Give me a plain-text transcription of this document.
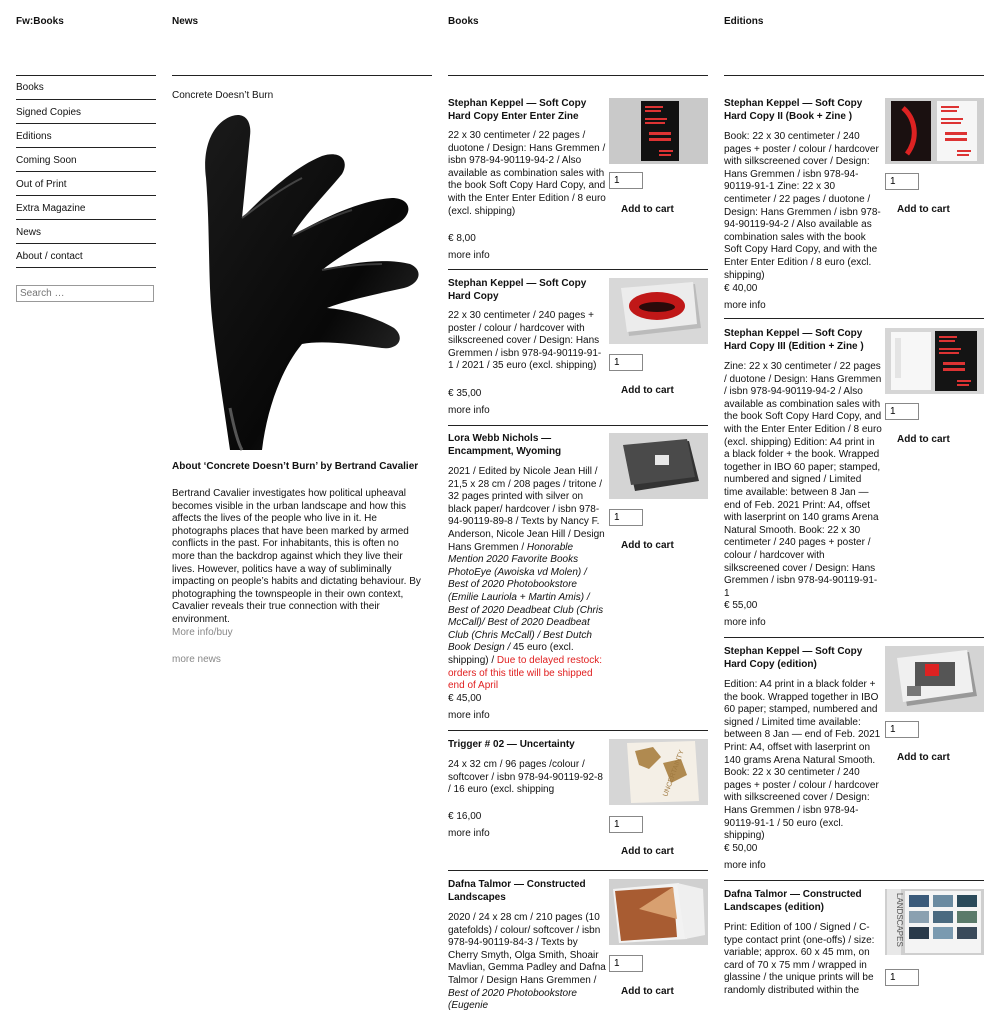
Fw:Books	News	Books	Editions
Books
Signed Copies
Editions
Coming Soon
Out of Print
Extra Magazine
News
About / contact
Search …
Concrete Doesn’t Burn
About ‘Concrete Doesn’t Burn’ by Bertrand Cavalier
Bertrand Cavalier investigates how political upheaval becomes visible in the urban landscape and how this affects the lives of the people who live in it. He photographs places that have been marked by armed conflicts in the past. For inhabitants, this is often no more than the backdrop against which they live their lives. However, politics have a way of subliminally impacting on people’s habits and dictating behaviour. By photographing the townspeople in their own context, Cavalier reveals their true connection with their environment.
More info/buy
more news
Stephan Keppel — Soft Copy Hard Copy Enter Enter Zine
22 x 30 centimeter / 22 pages / duotone / Design: Hans Gremmen / isbn 978-94-90119-94-2 / Also available as combination sales with the book Soft Copy Hard Copy, and with the Enter Enter Edition / 8 euro (excl. shipping)
€ 8,00
more info
1
Add to cart
Stephan Keppel — Soft Copy Hard Copy
22 x 30 centimeter / 240 pages + poster / colour / hardcover with silkscreened cover / Design: Hans Gremmen / isbn 978-94-90119-91-1 / 2021 / 35 euro (excl. shipping)
€ 35,00
more info
1
Add to cart
Lora Webb Nichols — Encampment, Wyoming
2021 / Edited by Nicole Jean Hill / 21,5 x 28 cm / 208 pages / tritone / 32 pages printed with silver on black paper/ hardcover / isbn 978-94-90119-89-8 / Texts by Nancy F. Anderson, Nicole Jean Hill / Design Hans Gremmen / Honorable Mention 2020 Favorite Books PhotoEye (Awoiska vd Molen) / Best of 2020 Photobookstore (Emilie Lauriola + Martin Amis) / Best of 2020 Deadbeat Club (Chris McCall)/ Best of 2020 Deadbeat Club (Chris McCall) / Best Dutch Book Design / 45 euro (excl. shipping) / Due to delayed restock: orders of this title will be shipped end of April
€ 45,00
more info
1
Add to cart
Trigger # 02 — Uncertainty
24 x 32 cm / 96 pages /colour / softcover / isbn 978-94-90119-92-8 / 16 euro (excl. shipping
€ 16,00
more info
UNCERTAINTY
1
Add to cart
Dafna Talmor — Constructed Landscapes
2020 / 24 x 28 cm / 210 pages (10 gatefolds) / colour/ softcover / isbn 978-94-90119-84-3 / Texts by Cherry Smyth, Olga Smith, Shoair Mavlian, Gemma Padley and Dafna Talmor / Design Hans Gremmen / Best of 2020 Photobookstore (Eugenie
1
Add to cart
Stephan Keppel — Soft Copy Hard Copy II (Book + Zine )
Book: 22 x 30 centimeter / 240 pages + poster / colour / hardcover with silkscreened cover / Design: Hans Gremmen / isbn 978-94-90119-91-1 Zine: 22 x 30 centimeter / 22 pages / duotone / Design: Hans Gremmen / isbn 978-94-90119-94-2 / Also available as combination sales with the book Soft Copy Hard Copy, and with the Enter Enter Edition / 8 euro (excl. shipping)
€ 40,00
more info
1
Add to cart
Stephan Keppel — Soft Copy Hard Copy III (Edition + Zine )
Zine: 22 x 30 centimeter / 22 pages / duotone / Design: Hans Gremmen / isbn 978-94-90119-94-2 / Also available as combination sales with the book Soft Copy Hard Copy, and with the Enter Enter Edition / 8 euro (excl. shipping) Edition: A4 print in a black folder + the book. Wrapped together in IBO 60 paper; stamped, numbered and signed / Limited time available: between 8 Jan — end of Feb. 2021 Print: A4, offset with laserprint on 140 grams Arena Natural Smooth. Book: 22 x 30 centimeter / 240 pages + poster / colour / hardcover with silkscreened cover / Design: Hans Gremmen / isbn 978-94-90119-91-1
€ 55,00
more info
1
Add to cart
Stephan Keppel — Soft Copy Hard Copy (edition)
Edition: A4 print in a black folder + the book. Wrapped together in IBO 60 paper; stamped, numbered and signed / Limited time available: between 8 Jan — end of Feb. 2021 Print: A4, offset with laserprint on 140 grams Arena Natural Smooth. Book: 22 x 30 centimeter / 240 pages + poster / colour / hardcover with silkscreened cover / Design: Hans Gremmen / isbn 978-94-90119-91-1 / 50 euro (excl. shipping)
€ 50,00
more info
1
Add to cart
Dafna Talmor — Constructed Landscapes (edition)
Print: Edition of 100 / Signed / C-type contact print (one-offs) / size: variable; approx. 60 x 45 mm, on card of 70 x 75 mm / wrapped in glassine / the unique prints will be randomly distributed within the
LANDSCAPES
1
